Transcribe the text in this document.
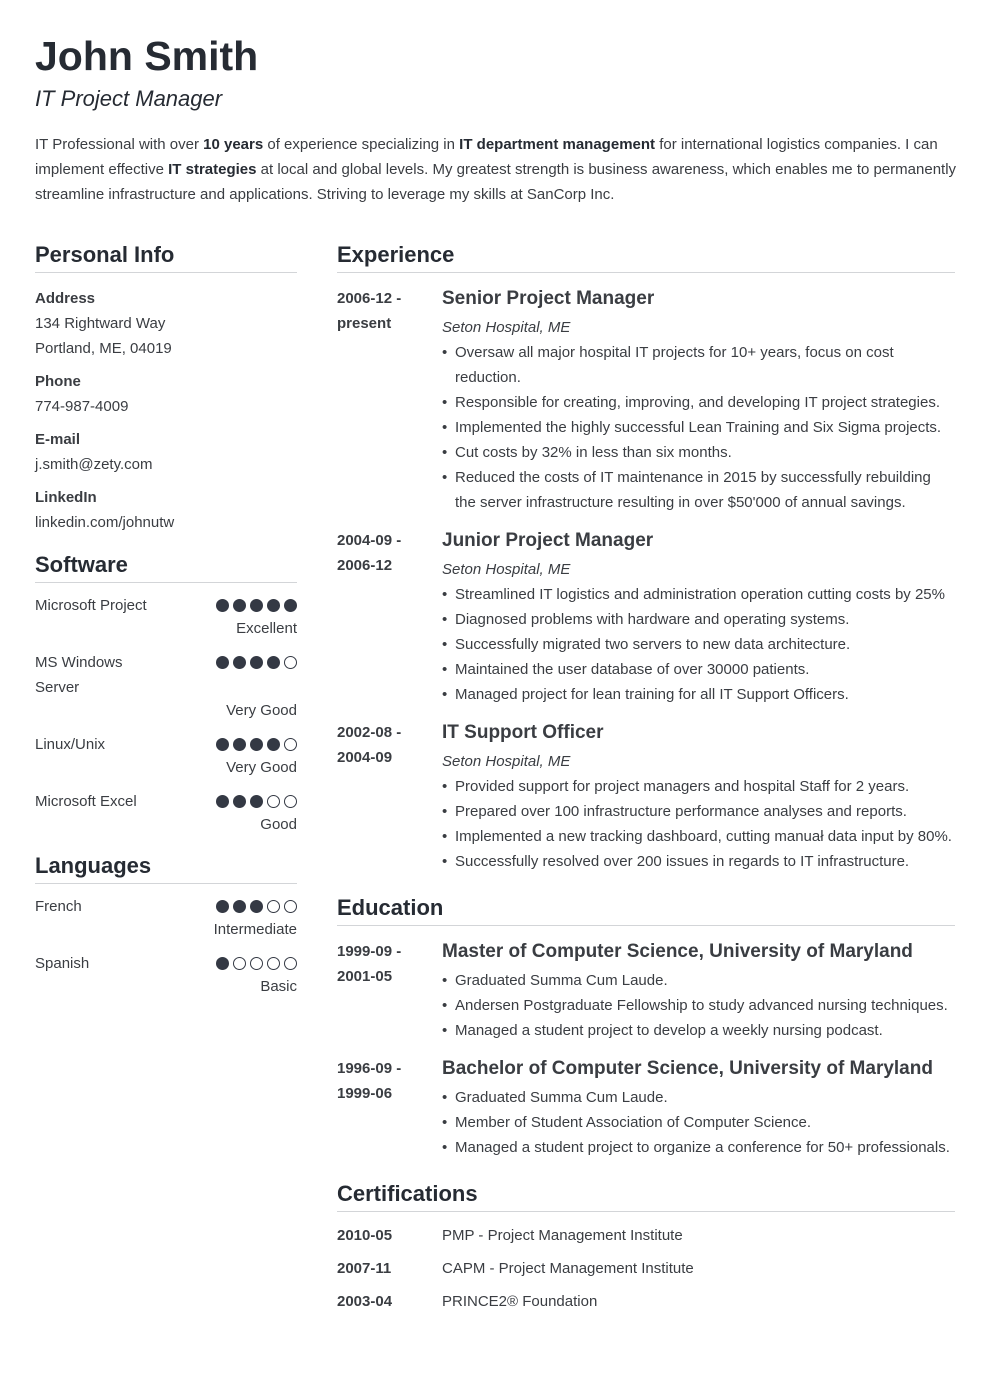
John Smith
IT Project Manager
IT Professional with over 10 years of experience specializing in IT department management for international logistics companies. I can implement effective IT strategies at local and global levels. My greatest strength is business awareness, which enables me to permanently streamline infrastructure and applications. Striving to leverage my skills at SanCorp Inc.
Personal Info
Address
134 Rightward Way
Portland, ME, 04019
Phone
774-987-4009
E-mail
j.smith@zety.com
LinkedIn
linkedin.com/johnutw
Software
Microsoft Project
Excellent
MS Windows Server
Very Good
Linux/Unix
Very Good
Microsoft Excel
Good
Languages
French
Intermediate
Spanish
Basic
Experience
2006-12 -
present
Senior Project Manager
Seton Hospital, ME
• Oversaw all major hospital IT projects for 10+ years, focus on cost reduction.
• Responsible for creating, improving, and developing IT project strategies.
• Implemented the highly successful Lean Training and Six Sigma projects.
• Cut costs by 32% in less than six months.
• Reduced the costs of IT maintenance in 2015 by successfully rebuilding the server infrastructure resulting in over $50'000 of annual savings.
2004-09 -
2006-12
Junior Project Manager
Seton Hospital, ME
• Streamlined IT logistics and administration operation cutting costs by 25%
• Diagnosed problems with hardware and operating systems.
• Successfully migrated two servers to new data architecture.
• Maintained the user database of over 30000 patients.
• Managed project for lean training for all IT Support Officers.
2002-08 -
2004-09
IT Support Officer
Seton Hospital, ME
• Provided support for project managers and hospital Staff for 2 years.
• Prepared over 100 infrastructure performance analyses and reports.
• Implemented a new tracking dashboard, cutting manuał data input by 80%.
• Successfully resolved over 200 issues in regards to IT infrastructure.
Education
1999-09 -
2001-05
Master of Computer Science, University of Maryland
• Graduated Summa Cum Laude.
• Andersen Postgraduate Fellowship to study advanced nursing techniques.
• Managed a student project to develop a weekly nursing podcast.
1996-09 -
1999-06
Bachelor of Computer Science, University of Maryland
• Graduated Summa Cum Laude.
• Member of Student Association of Computer Science.
• Managed a student project to organize a conference for 50+ professionals.
Certifications
2010-05	PMP - Project Management Institute
2007-11	CAPM - Project Management Institute
2003-04	PRINCE2® Foundation
